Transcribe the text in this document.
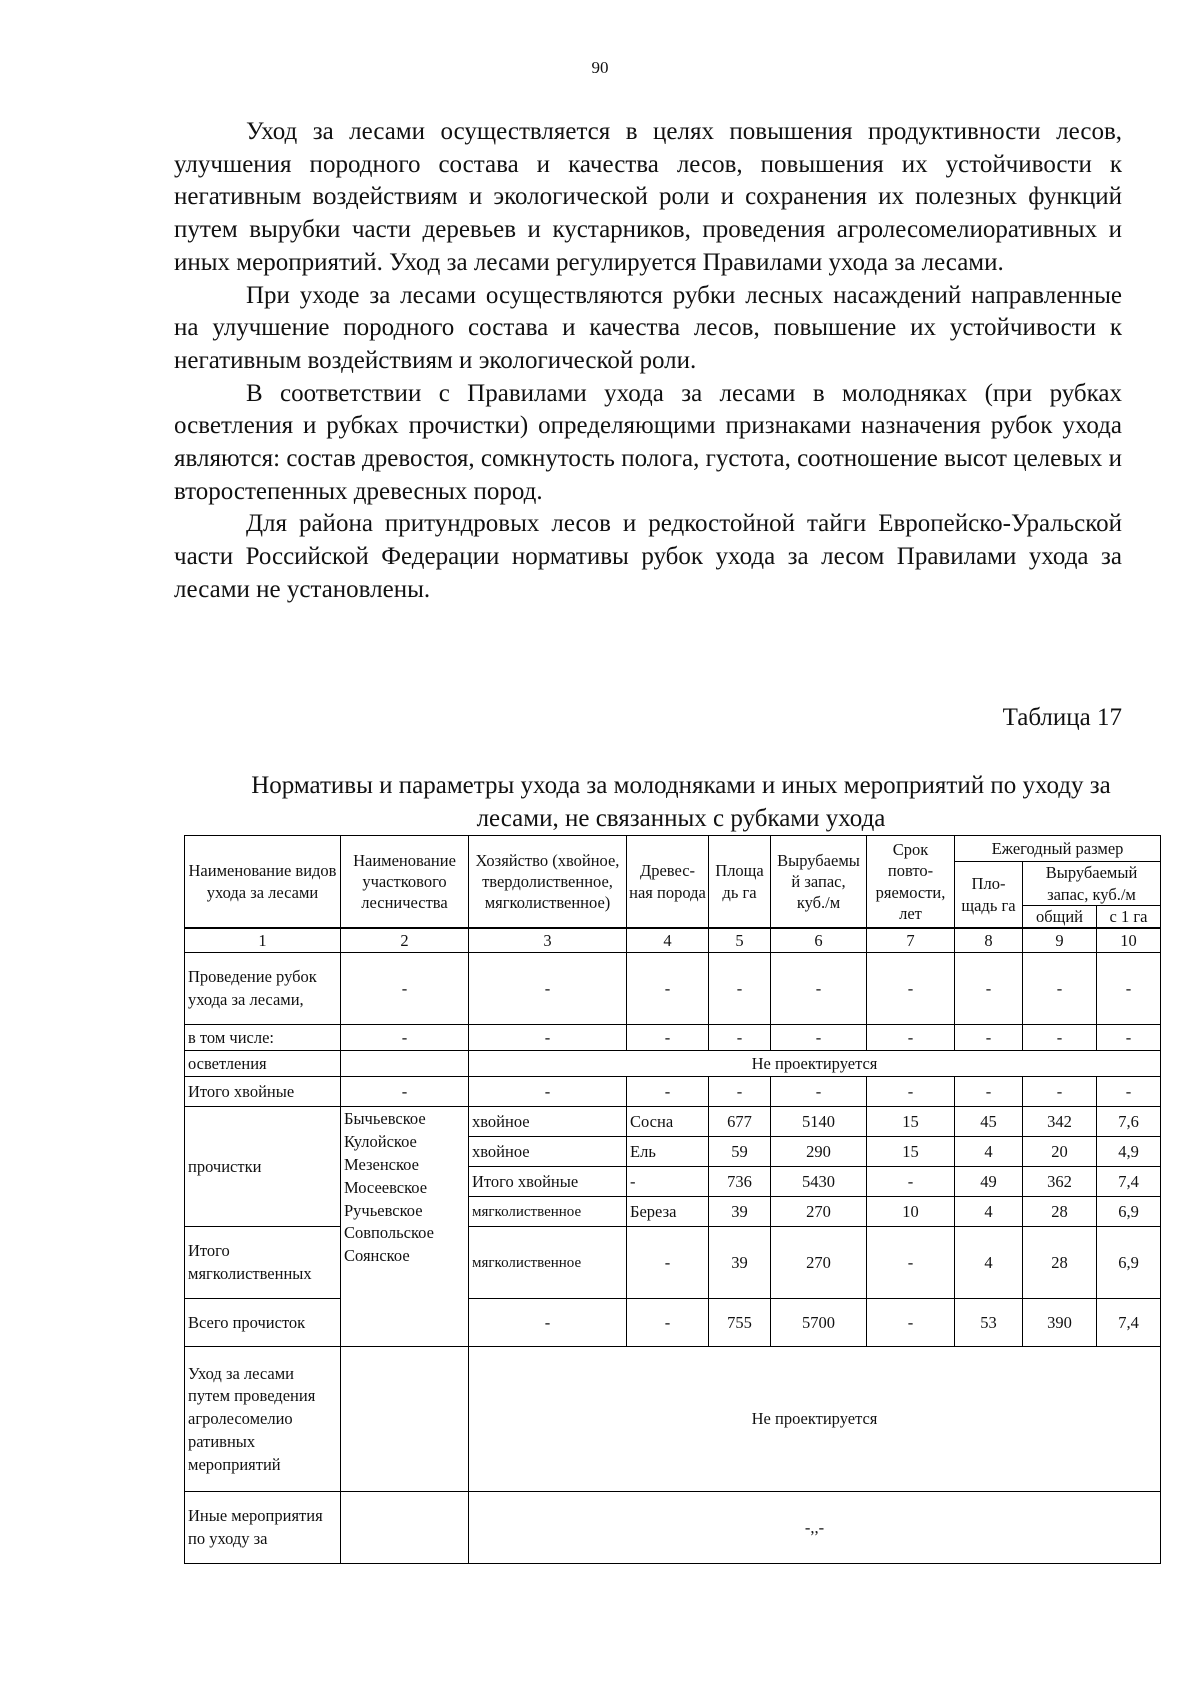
90

Уход за лесами осуществляется в целях повышения продуктивности лесов, улучшения породного состава и качества лесов, повышения их устойчивости к негативным воздействиям и экологической роли и сохранения их полезных функций путем вырубки части деревьев и кустарников, проведения агролесомелиоративных и иных мероприятий. Уход за лесами регулируется Правилами ухода за лесами.

При уходе за лесами осуществляются рубки лесных насаждений направленные на улучшение породного состава и качества лесов, повышение их устойчивости к негативным воздействиям и экологической роли.

В соответствии с Правилами ухода за лесами в молодняках (при рубках осветления и рубках прочистки) определяющими признаками назначения рубок ухода являются: состав древостоя, сомкнутость полога, густота, соотношение высот целевых и второстепенных древесных пород.

Для района притундровых лесов и редкостойной тайги Европейско-Уральской части Российской Федерации нормативы рубок ухода за лесом Правилами ухода за лесами не установлены.

Таблица 17
Нормативы и параметры ухода за молодняками и иных мероприятий по уходу за лесами, не связанных с рубками ухода
Наименование видов ухода за лесами	Наименование участкового лесничества	Хозяйство (хвойное, твердолиственное, мягколиственное)	Древес-ная порода	Площа дь га	Вырубаемы й запас, куб./м	Срок повто-ряемости, лет	Ежегодный размер		
							Пло-щадь га	Вырубаемый запас, куб./м	
								общий	с 1 га

1	2	3	4	5	6	7	8	9	10
Проведение рубок ухода за лесами,	-	-	-	-	-	-	-	-	-
в том числе:	-	-	-	-	-	-	-	-	-
осветления		Не проектируется							
Итого хвойные	-	-	-	-	-	-	-	-	-
прочистки	Бычьевское Кулойское Мезенское Мосеевское Ручьевское Совпольское Соянское	хвойное	Сосна	677	5140	15	45	342	7,6
		хвойное	Ель	59	290	15	4	20	4,9
		Итого хвойные	-	736	5430	-	49	362	7,4
		мягколиственное	Береза	39	270	10	4	28	6,9
Итого мягколиственных		мягколиственное	-	39	270	-	4	28	6,9
Всего прочисток		-	-	755	5700	-	53	390	7,4
Уход за лесами путем проведения агролесомелио ративных мероприятий		Не проектируется							
Иные мероприятия по уходу за		-,,-							
